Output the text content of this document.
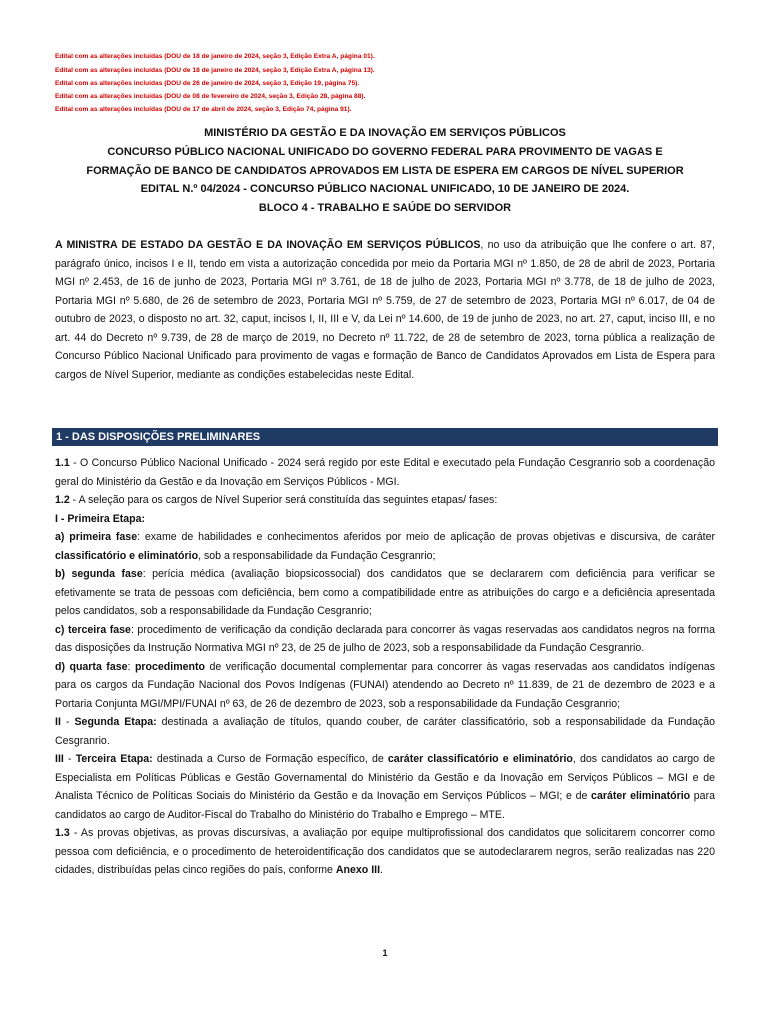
Edital com as alterações incluídas (DOU de 18 de janeiro de 2024, seção 3, Edição Extra A, página 01).
Edital com as alterações incluídas (DOU de 18 de janeiro de 2024, seção 3, Edição Extra A, página 13).
Edital com as alterações incluídas (DOU de 26 de janeiro de 2024, seção 3, Edição 19, página 75).
Edital com as alterações incluídas (DOU de 08 de fevereiro de 2024, seção 3, Edição 28, página 88).
Edital com as alterações incluídas (DOU de 17 de abril de 2024, seção 3, Edição 74, página 91).
MINISTÉRIO DA GESTÃO E DA INOVAÇÃO EM SERVIÇOS PÚBLICOS
CONCURSO PÚBLICO NACIONAL UNIFICADO DO GOVERNO FEDERAL PARA PROVIMENTO DE VAGAS E
FORMAÇÃO DE BANCO DE CANDIDATOS APROVADOS EM LISTA DE ESPERA EM CARGOS DE NÍVEL SUPERIOR
EDITAL N.º 04/2024 - CONCURSO PÚBLICO NACIONAL UNIFICADO, 10 DE JANEIRO DE 2024.
BLOCO 4 - TRABALHO E SAÚDE DO SERVIDOR
A MINISTRA DE ESTADO DA GESTÃO E DA INOVAÇÃO EM SERVIÇOS PÚBLICOS, no uso da atribuição que lhe confere o art. 87, parágrafo único, incisos I e II, tendo em vista a autorização concedida por meio da Portaria MGI nº 1.850, de 28 de abril de 2023, Portaria MGI nº 2.453, de 16 de junho de 2023, Portaria MGI nº 3.761, de 18 de julho de 2023, Portaria MGI nº 3.778, de 18 de julho de 2023, Portaria MGI nº 5.680, de 26 de setembro de 2023, Portaria MGI nº 5.759, de 27 de setembro de 2023, Portaria MGI nº 6.017, de 04 de outubro de 2023, o disposto no art. 32, caput, incisos I, II, III e V, da Lei nº 14.600, de 19 de junho de 2023, no art. 27, caput, inciso III, e no art. 44 do Decreto nº 9.739, de 28 de março de 2019, no Decreto nº 11.722, de 28 de setembro de 2023, torna pública a realização de Concurso Público Nacional Unificado para provimento de vagas e formação de Banco de Candidatos Aprovados em Lista de Espera para cargos de Nível Superior, mediante as condições estabelecidas neste Edital.
1 - DAS DISPOSIÇÕES PRELIMINARES
1.1 - O Concurso Público Nacional Unificado - 2024 será regido por este Edital e executado pela Fundação Cesgranrio sob a coordenação geral do Ministério da Gestão e da Inovação em Serviços Públicos - MGI.
1.2 - A seleção para os cargos de Nível Superior será constituída das seguintes etapas/ fases:
I - Primeira Etapa:
a) primeira fase: exame de habilidades e conhecimentos aferidos por meio de aplicação de provas objetivas e discursiva, de caráter classificatório e eliminatório, sob a responsabilidade da Fundação Cesgranrio;
b) segunda fase: perícia médica (avaliação biopsicossocial) dos candidatos que se declararem com deficiência para verificar se efetivamente se trata de pessoas com deficiência, bem como a compatibilidade entre as atribuições do cargo e a deficiência apresentada pelos candidatos, sob a responsabilidade da Fundação Cesgranrio;
c) terceira fase: procedimento de verificação da condição declarada para concorrer às vagas reservadas aos candidatos negros na forma das disposições da Instrução Normativa MGI nº 23, de 25 de julho de 2023, sob a responsabilidade da Fundação Cesgranrio.
d) quarta fase: procedimento de verificação documental complementar para concorrer às vagas reservadas aos candidatos indígenas para os cargos da Fundação Nacional dos Povos Indígenas (FUNAI) atendendo ao Decreto nº 11.839, de 21 de dezembro de 2023 e a Portaria Conjunta MGI/MPI/FUNAI nº 63, de 26 de dezembro de 2023, sob a responsabilidade da Fundação Cesgranrio;
II - Segunda Etapa: destinada a avaliação de títulos, quando couber, de caráter classificatório, sob a responsabilidade da Fundação Cesgranrio.
III - Terceira Etapa: destinada a Curso de Formação específico, de caráter classificatório e eliminatório, dos candidatos ao cargo de Especialista em Políticas Públicas e Gestão Governamental do Ministério da Gestão e da Inovação em Serviços Públicos – MGI e de Analista Técnico de Políticas Sociais do Ministério da Gestão e da Inovação em Serviços Públicos – MGI; e de caráter eliminatório para candidatos ao cargo de Auditor-Fiscal do Trabalho do Ministério do Trabalho e Emprego – MTE.
1.3 - As provas objetivas, as provas discursivas, a avaliação por equipe multiprofissional dos candidatos que solicitarem concorrer como pessoa com deficiência, e o procedimento de heteroidentificação dos candidatos que se autodeclararem negros, serão realizadas nas 220 cidades, distribuídas pelas cinco regiões do país, conforme Anexo III.
1
